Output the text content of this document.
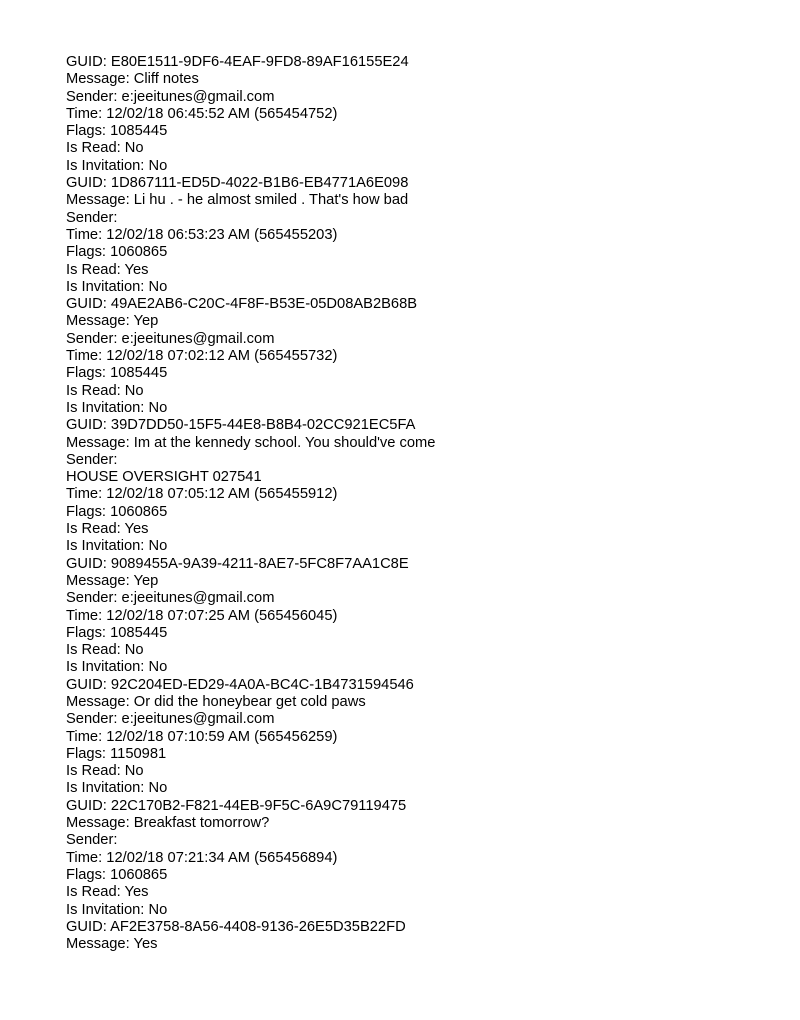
GUID: E80E1511-9DF6-4EAF-9FD8-89AF16155E24
Message: Cliff notes
Sender: e:jeeitunes@gmail.com
Time: 12/02/18 06:45:52 AM (565454752)
Flags: 1085445
Is Read: No
Is Invitation: No
GUID: 1D867111-ED5D-4022-B1B6-EB4771A6E098
Message: Li hu . - he almost smiled . That's how bad
Sender:
Time: 12/02/18 06:53:23 AM (565455203)
Flags: 1060865
Is Read: Yes
Is Invitation: No
GUID: 49AE2AB6-C20C-4F8F-B53E-05D08AB2B68B
Message: Yep
Sender: e:jeeitunes@gmail.com
Time: 12/02/18 07:02:12 AM (565455732)
Flags: 1085445
Is Read: No
Is Invitation: No
GUID: 39D7DD50-15F5-44E8-B8B4-02CC921EC5FA
Message: Im at the kennedy school. You should've come
Sender:
HOUSE OVERSIGHT 027541
Time: 12/02/18 07:05:12 AM (565455912)
Flags: 1060865
Is Read: Yes
Is Invitation: No
GUID: 9089455A-9A39-4211-8AE7-5FC8F7AA1C8E
Message: Yep
Sender: e:jeeitunes@gmail.com
Time: 12/02/18 07:07:25 AM (565456045)
Flags: 1085445
Is Read: No
Is Invitation: No
GUID: 92C204ED-ED29-4A0A-BC4C-1B4731594546
Message: Or did the honeybear get cold paws
Sender: e:jeeitunes@gmail.com
Time: 12/02/18 07:10:59 AM (565456259)
Flags: 1150981
Is Read: No
Is Invitation: No
GUID: 22C170B2-F821-44EB-9F5C-6A9C79119475
Message: Breakfast tomorrow?
Sender:
Time: 12/02/18 07:21:34 AM (565456894)
Flags: 1060865
Is Read: Yes
Is Invitation: No
GUID: AF2E3758-8A56-4408-9136-26E5D35B22FD
Message: Yes
